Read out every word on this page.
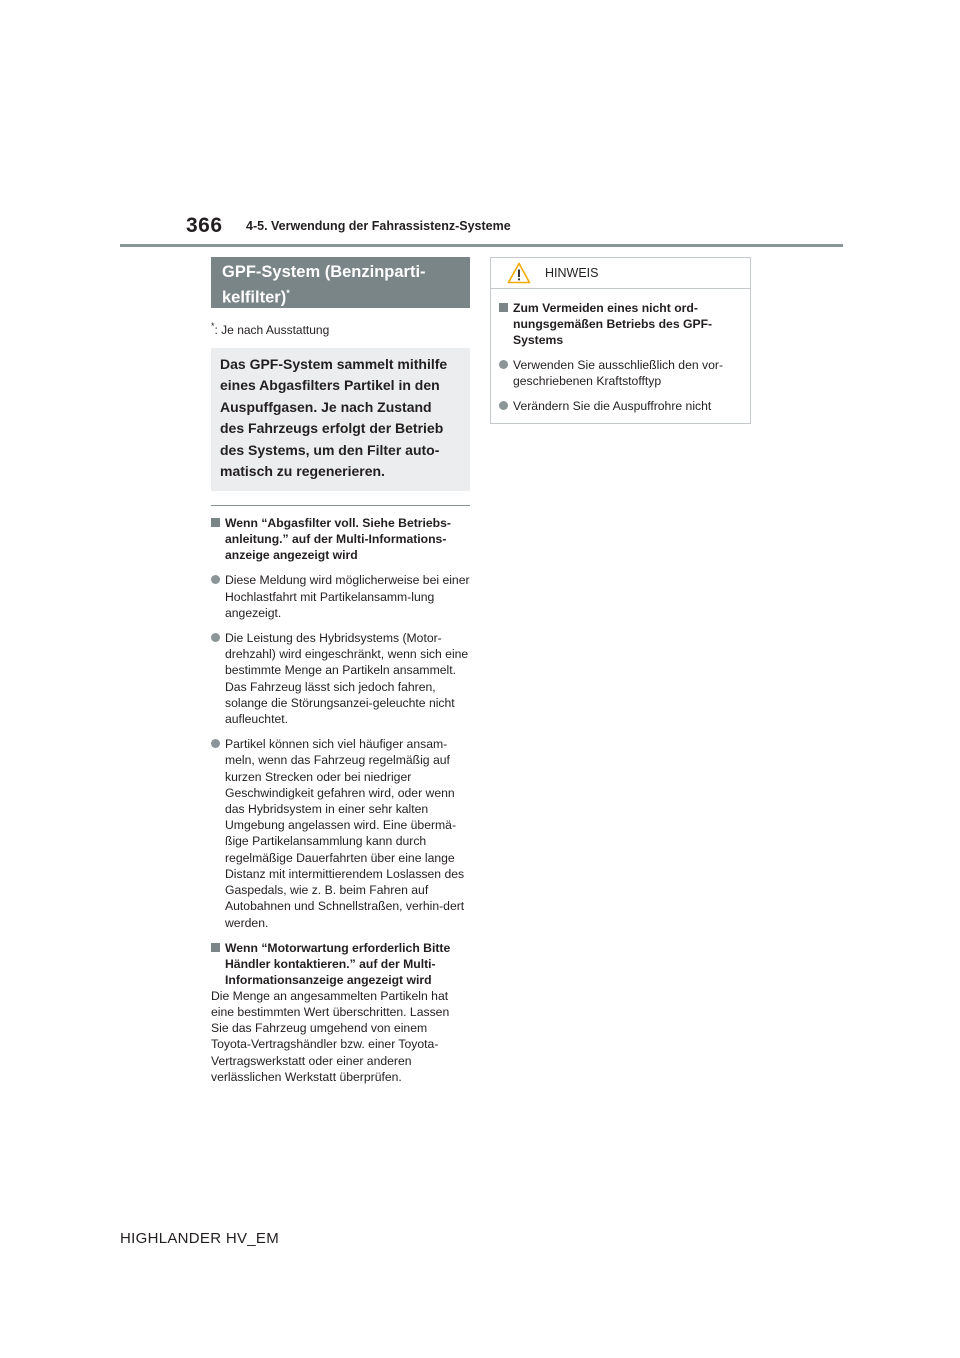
366 4-5. Verwendung der Fahrassistenz-Systeme
GPF-System (Benzinparti-
kelfilter)*
*: Je nach Ausstattung
Das GPF-System sammelt mithilfe
eines Abgasfilters Partikel in den
Auspuffgasen. Je nach Zustand
des Fahrzeugs erfolgt der Betrieb
des Systems, um den Filter auto-
matisch zu regenerieren.
Wenn “Abgasfilter voll. Siehe Betriebs-anleitung.” auf der Multi-Informations-anzeige angezeigt wird
Diese Meldung wird möglicherweise bei einer Hochlastfahrt mit Partikelansamm-lung angezeigt.
Die Leistung des Hybridsystems (Motor-drehzahl) wird eingeschränkt, wenn sich eine bestimmte Menge an Partikeln ansammelt. Das Fahrzeug lässt sich jedoch fahren, solange die Störungsanzei-geleuchte nicht aufleuchtet.
Partikel können sich viel häufiger ansam-meln, wenn das Fahrzeug regelmäßig auf kurzen Strecken oder bei niedriger Geschwindigkeit gefahren wird, oder wenn das Hybridsystem in einer sehr kalten Umgebung angelassen wird. Eine übermä-ßige Partikelansammlung kann durch regelmäßige Dauerfahrten über eine lange Distanz mit intermittierendem Loslassen des Gaspedals, wie z. B. beim Fahren auf Autobahnen und Schnellstraßen, verhin-dert werden.
Wenn “Motorwartung erforderlich Bitte Händler kontaktieren.” auf der Multi-Informationsanzeige angezeigt wird
Die Menge an angesammelten Partikeln hat eine bestimmten Wert überschritten. Lassen Sie das Fahrzeug umgehend von einem Toyota-Vertragshändler bzw. einer Toyota-Vertragswerkstatt oder einer anderen verlässlichen Werkstatt überprüfen.
HINWEIS
Zum Vermeiden eines nicht ord-nungsgemäßen Betriebs des GPF-Systems
Verwenden Sie ausschließlich den vor-geschriebenen Kraftstofftyp
Verändern Sie die Auspuffrohre nicht
HIGHLANDER HV_EM
